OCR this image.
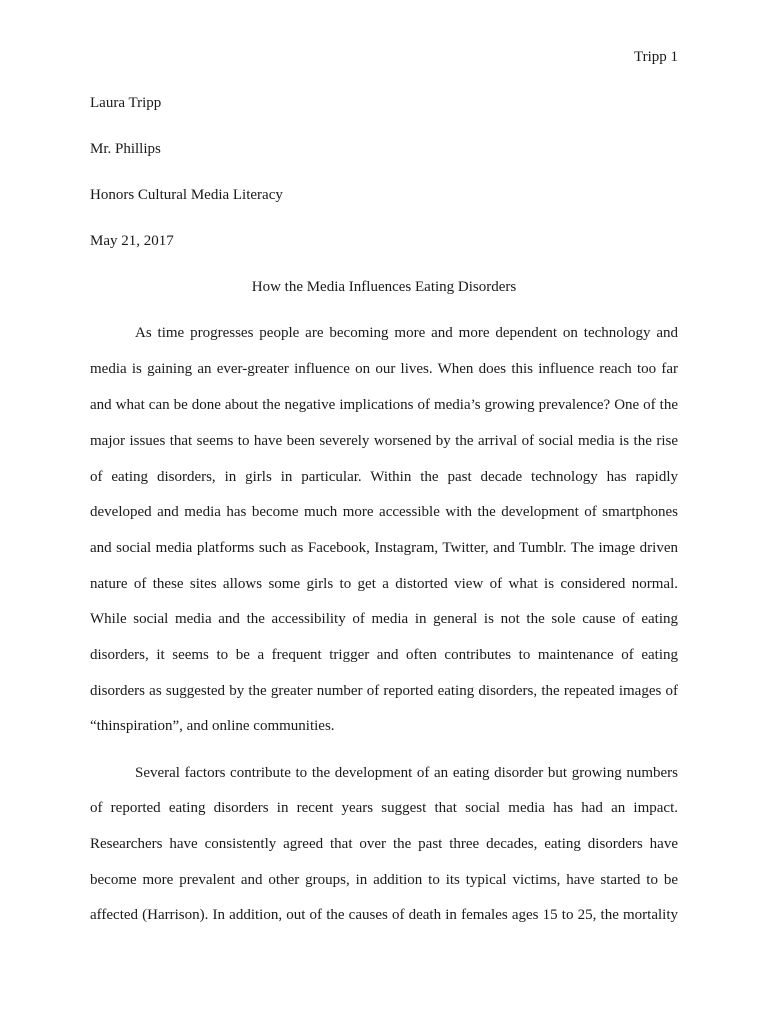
Tripp 1
Laura Tripp
Mr. Phillips
Honors Cultural Media Literacy
May 21, 2017
How the Media Influences Eating Disorders
As time progresses people are becoming more and more dependent on technology and
media is gaining an ever-greater influence on our lives. When does this influence reach too far
and what can be done about the negative implications of media’s growing prevalence? One of the
major issues that seems to have been severely worsened by the arrival of social media is the rise
of eating disorders, in girls in particular. Within the past decade technology has rapidly
developed and media has become much more accessible with the development of smartphones
and social media platforms such as Facebook, Instagram, Twitter, and Tumblr. The image driven
nature of these sites allows some girls to get a distorted view of what is considered normal.
While social media and the accessibility of media in general is not the sole cause of eating
disorders, it seems to be a frequent trigger and often contributes to maintenance of eating
disorders as suggested by the greater number of reported eating disorders, the repeated images of
“thinspiration”, and online communities.
Several factors contribute to the development of an eating disorder but growing numbers
of reported eating disorders in recent years suggest that social media has had an impact.
Researchers have consistently agreed that over the past three decades, eating disorders have
become more prevalent and other groups, in addition to its typical victims, have started to be
affected (Harrison). In addition, out of the causes of death in females ages 15 to 25, the mortality
